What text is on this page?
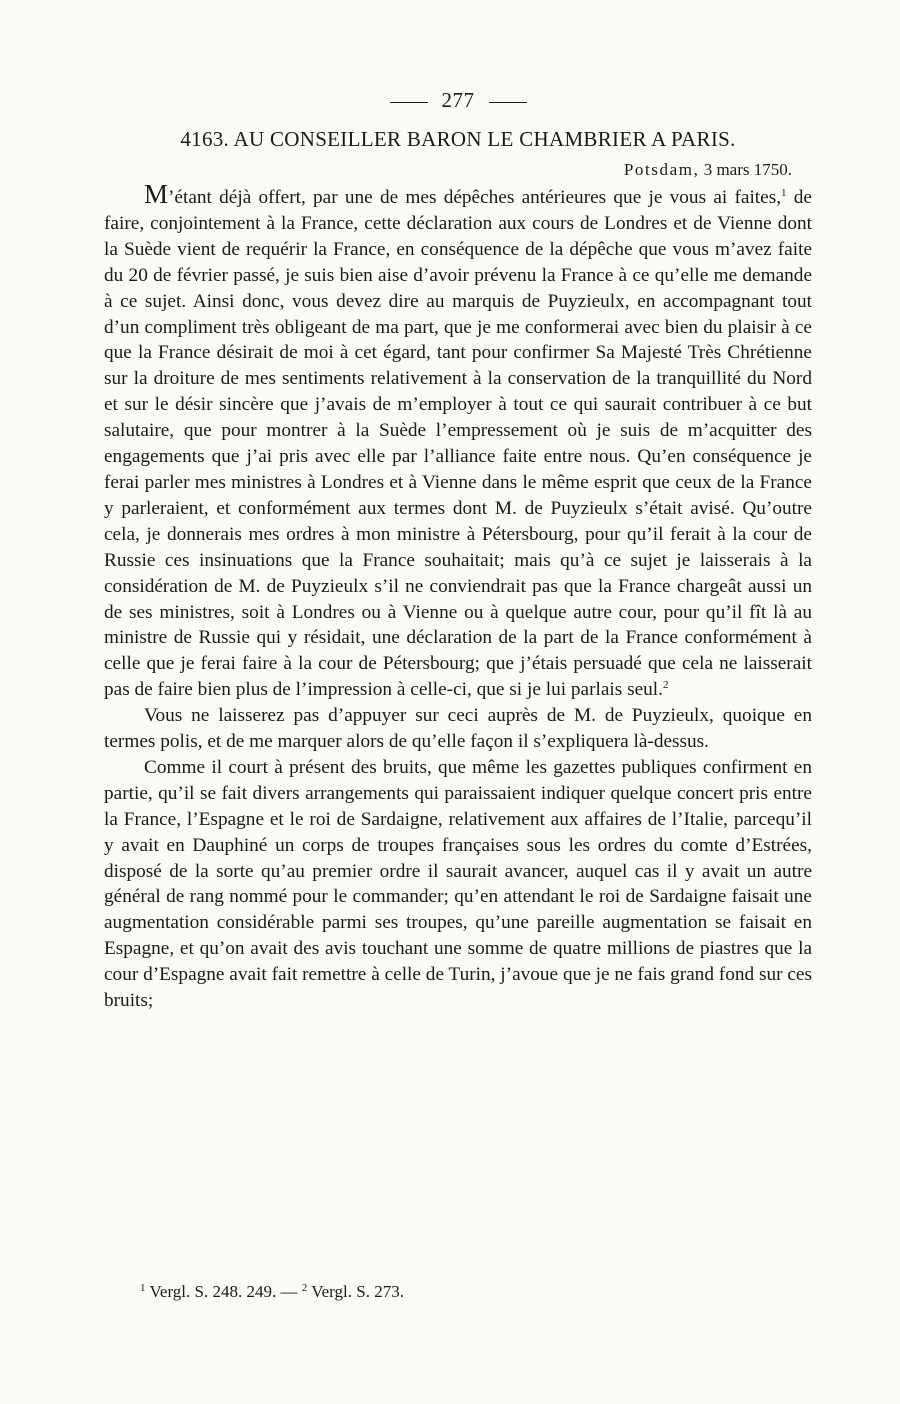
277
4163. AU CONSEILLER BARON LE CHAMBRIER A PARIS.
Potsdam, 3 mars 1750.

M’étant déjà offert, par une de mes dépêches antérieures que je vous ai faites,$^1$ de faire, conjointement à la France, cette déclaration aux cours de Londres et de Vienne dont la Suède vient de requérir la France, en conséquence de la dépêche que vous m’avez faite du 20 de février passé, je suis bien aise d’avoir prévenu la France à ce qu’elle me demande à ce sujet. Ainsi donc, vous devez dire au marquis de Puyzieulx, en accompagnant tout d’un compliment très obligeant de ma part, que je me conformerai avec bien du plaisir à ce que la France désirait de moi à cet égard, tant pour confirmer Sa Majesté Très Chrétienne sur la droiture de mes sentiments relativement à la conservation de la tranquillité du Nord et sur le désir sincère que j’avais de m’employer à tout ce qui saurait contribuer à ce but salutaire, que pour montrer à la Suède l’empressement où je suis de m’acquitter des engagements que j’ai pris avec elle par l’alliance faite entre nous. Qu’en conséquence je ferai parler mes ministres à Londres et à Vienne dans le même esprit que ceux de la France y parleraient, et conformément aux termes dont M. de Puyzieulx s’était avisé. Qu’outre cela, je donnerais mes ordres à mon ministre à Pétersbourg, pour qu’il ferait à la cour de Russie ces insinuations que la France souhaitait; mais qu’à ce sujet je laisserais à la considération de M. de Puyzieulx s’il ne conviendrait pas que la France chargeât aussi un de ses ministres, soit à Londres ou à Vienne ou à quelque autre cour, pour qu’il fît là au ministre de Russie qui y résidait, une déclaration de la part de la France conformément à celle que je ferai faire à la cour de Pétersbourg; que j’étais persuadé que cela ne laisserait pas de faire bien plus de l’impression à celle-ci, que si je lui parlais seul.$^2$

Vous ne laisserez pas d’appuyer sur ceci auprès de M. de Puyzieulx, quoique en termes polis, et de me marquer alors de qu’elle façon il s’expliquera là-dessus.

Comme il court à présent des bruits, que même les gazettes publiques confirment en partie, qu’il se fait divers arrangements qui paraissaient indiquer quelque concert pris entre la France, l’Espagne et le roi de Sardaigne, relativement aux affaires de l’Italie, parcequ’il y avait en Dauphiné un corps de troupes françaises sous les ordres du comte d’Estrées, disposé de la sorte qu’au premier ordre il saurait avancer, auquel cas il y avait un autre général de rang nommé pour le commander; qu’en attendant le roi de Sardaigne faisait une augmentation considérable parmi ses troupes, qu’une pareille augmentation se faisait en Espagne, et qu’on avait des avis touchant une somme de quatre millions de piastres que la cour d’Espagne avait fait remettre à celle de Turin, j’avoue que je ne fais grand fond sur ces bruits;

$^1$ Vergl. S. 248. 249. — $^2$ Vergl. S. 273.
